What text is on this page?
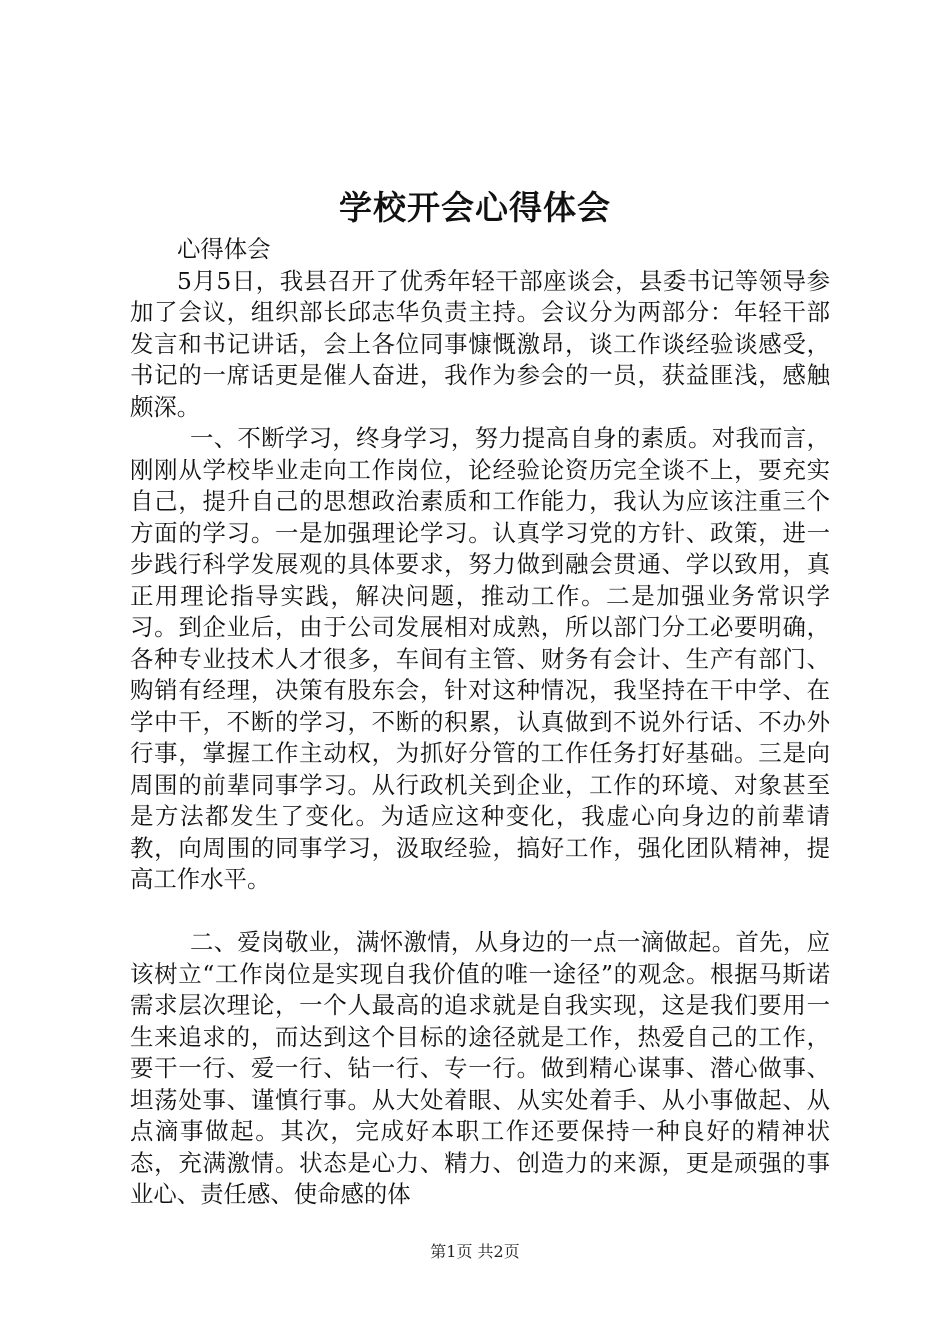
学校开会心得体会

心得体会

5月5日，我县召开了优秀年轻干部座谈会，县委书记等领导参加了会议，组织部长邱志华负责主持。会议分为两部分：年轻干部发言和书记讲话，会上各位同事慷慨激昂，谈工作谈经验谈感受，书记的一席话更是催人奋进，我作为参会的一员，获益匪浅，感触颇深。

一、不断学习，终身学习，努力提高自身的素质。对我而言，刚刚从学校毕业走向工作岗位，论经验论资历完全谈不上，要充实自己，提升自己的思想政治素质和工作能力，我认为应该注重三个方面的学习。一是加强理论学习。认真学习党的方针、政策，进一步践行科学发展观的具体要求，努力做到融会贯通、学以致用，真正用理论指导实践，解决问题，推动工作。二是加强业务常识学习。到企业后，由于公司发展相对成熟，所以部门分工必要明确，各种专业技术人才很多，车间有主管、财务有会计、生产有部门、购销有经理，决策有股东会，针对这种情况，我坚持在干中学、在学中干，不断的学习，不断的积累，认真做到不说外行话、不办外行事，掌握工作主动权，为抓好分管的工作任务打好基础。三是向周围的前辈同事学习。从行政机关到企业，工作的环境、对象甚至是方法都发生了变化。为适应这种变化，我虚心向身边的前辈请教，向周围的同事学习，汲取经验，搞好工作，强化团队精神，提高工作水平。

二、爱岗敬业，满怀激情，从身边的一点一滴做起。首先，应该树立“工作岗位是实现自我价值的唯一途径”的观念。根据马斯诺需求层次理论，一个人最高的追求就是自我实现，这是我们要用一生来追求的，而达到这个目标的途径就是工作，热爱自己的工作，要干一行、爱一行、钻一行、专一行。做到精心谋事、潜心做事、坦荡处事、谨慎行事。从大处着眼、从实处着手、从小事做起、从点滴事做起。其次，完成好本职工作还要保持一种良好的精神状态，充满激情。状态是心力、精力、创造力的来源，更是顽强的事业心、责任感、使命感的体

第1页 共2页
